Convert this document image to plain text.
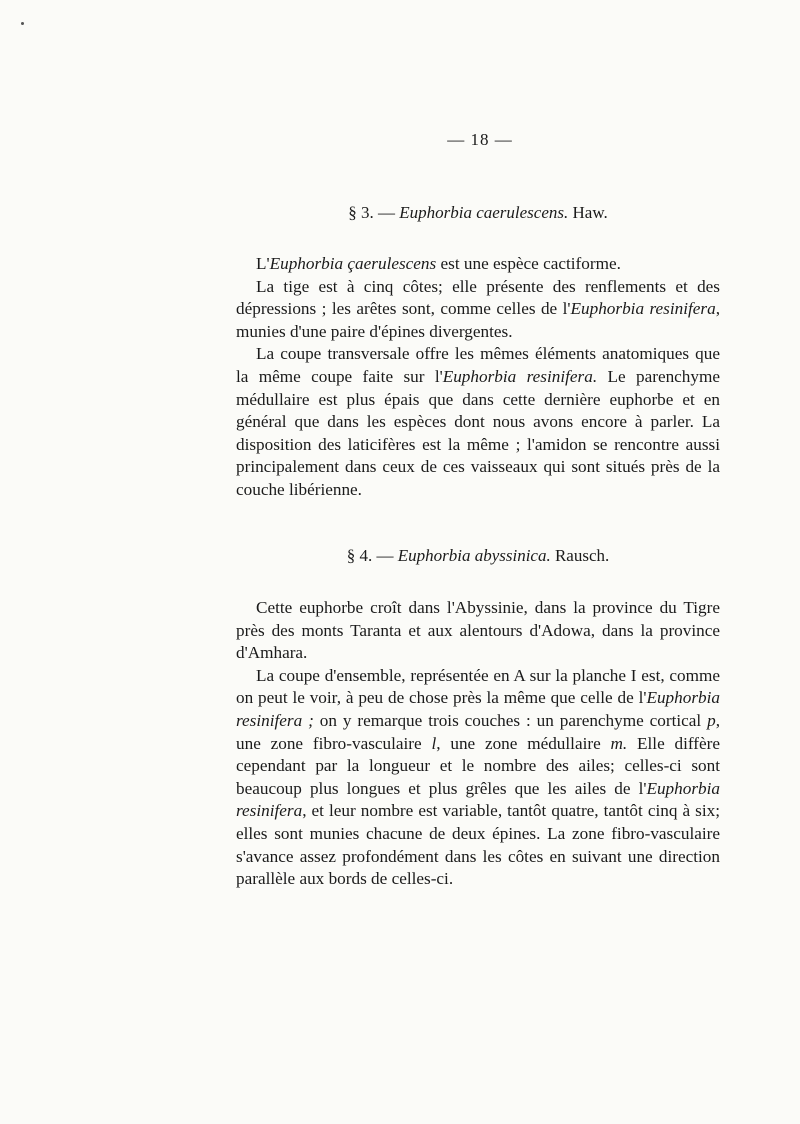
— 18 —
§ 3. — Euphorbia caerulescens. Haw.

L'Euphorbia çaerulescens est une espèce cactiforme.

La tige est à cinq côtes; elle présente des renflements et des dépressions ; les arêtes sont, comme celles de l'Euphorbia resinifera, munies d'une paire d'épines divergentes.

La coupe transversale offre les mêmes éléments anatomiques que la même coupe faite sur l'Euphorbia resinifera. Le parenchyme médullaire est plus épais que dans cette dernière euphorbe et en général que dans les espèces dont nous avons encore à parler. La disposition des laticifères est la même ; l'amidon se rencontre aussi principalement dans ceux de ces vaisseaux qui sont situés près de la couche libérienne.

§ 4. — Euphorbia abyssinica. Rausch.

Cette euphorbe croît dans l'Abyssinie, dans la province du Tigre près des monts Taranta et aux alentours d'Adowa, dans la province d'Amhara.

La coupe d'ensemble, représentée en A sur la planche I est, comme on peut le voir, à peu de chose près la même que celle de l'Euphorbia resinifera ; on y remarque trois couches : un parenchyme cortical p, une zone fibro-vasculaire l, une zone médullaire m. Elle diffère cependant par la longueur et le nombre des ailes; celles-ci sont beaucoup plus longues et plus grêles que les ailes de l'Euphorbia resinifera, et leur nombre est variable, tantôt quatre, tantôt cinq à six; elles sont munies chacune de deux épines. La zone fibro-vasculaire s'avance assez profondément dans les côtes en suivant une direction parallèle aux bords de celles-ci.
